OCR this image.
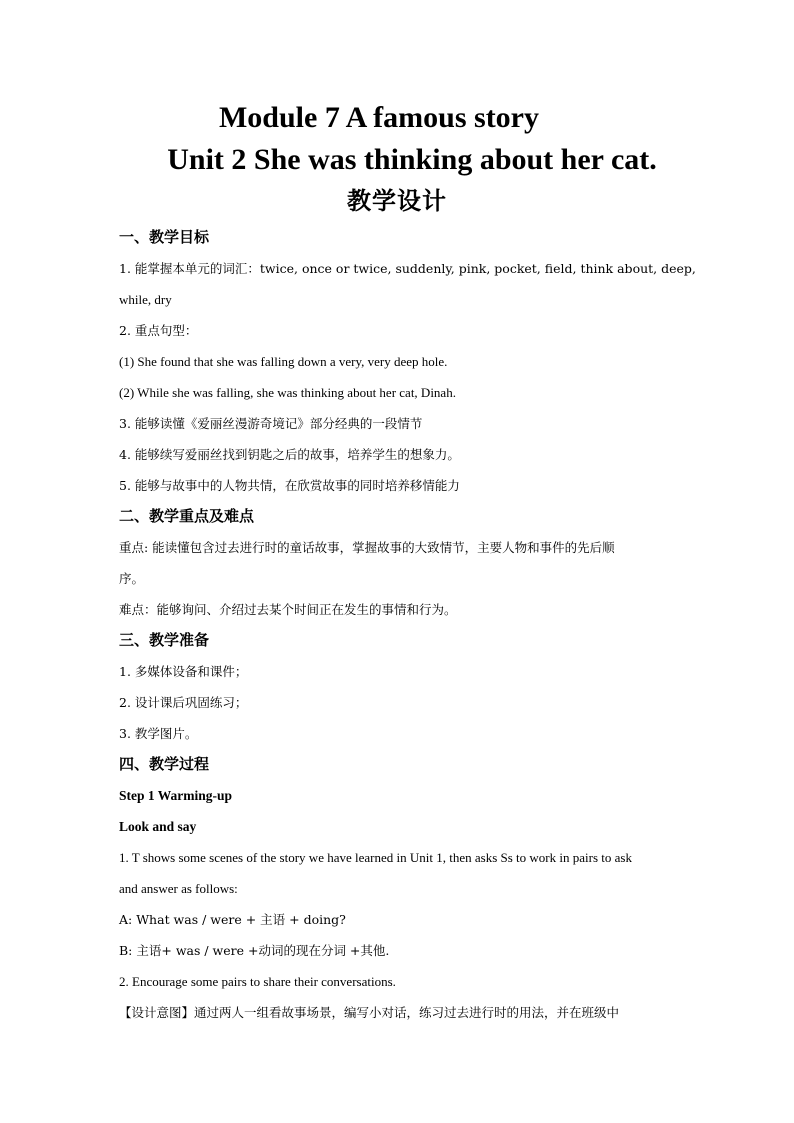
Module 7 A famous story
Unit 2 She was thinking about her cat.
教学设计
一、教学目标
1. 能掌握本单元的词汇：twice, once or twice, suddenly, pink, pocket, field, think about, deep,
while, dry
2. 重点句型：
(1) She found that she was falling down a very, very deep hole.
(2) While she was falling, she was thinking about her cat, Dinah.
3. 能够读懂《爱丽丝漫游奇境记》部分经典的一段情节
4. 能够续写爱丽丝找到钥匙之后的故事，培养学生的想象力。
5. 能够与故事中的人物共情，在欣赏故事的同时培养移情能力
二、教学重点及难点
重点: 能读懂包含过去进行时的童话故事，掌握故事的大致情节，主要人物和事件的先后顺
序。
难点：能够询问、介绍过去某个时间正在发生的事情和行为。
三、教学准备
1. 多媒体设备和课件；
2. 设计课后巩固练习；
3. 教学图片。
四、教学过程
Step 1 Warming-up
Look and say
1. T shows some scenes of the story we have learned in Unit 1, then asks Ss to work in pairs to ask
and answer as follows:
A: What was / were + 主语 + doing?
B: 主语+ was / were +动词的现在分词 +其他.
2. Encourage some pairs to share their conversations.
【设计意图】通过两人一组看故事场景，编写小对话，练习过去进行时的用法，并在班级中
